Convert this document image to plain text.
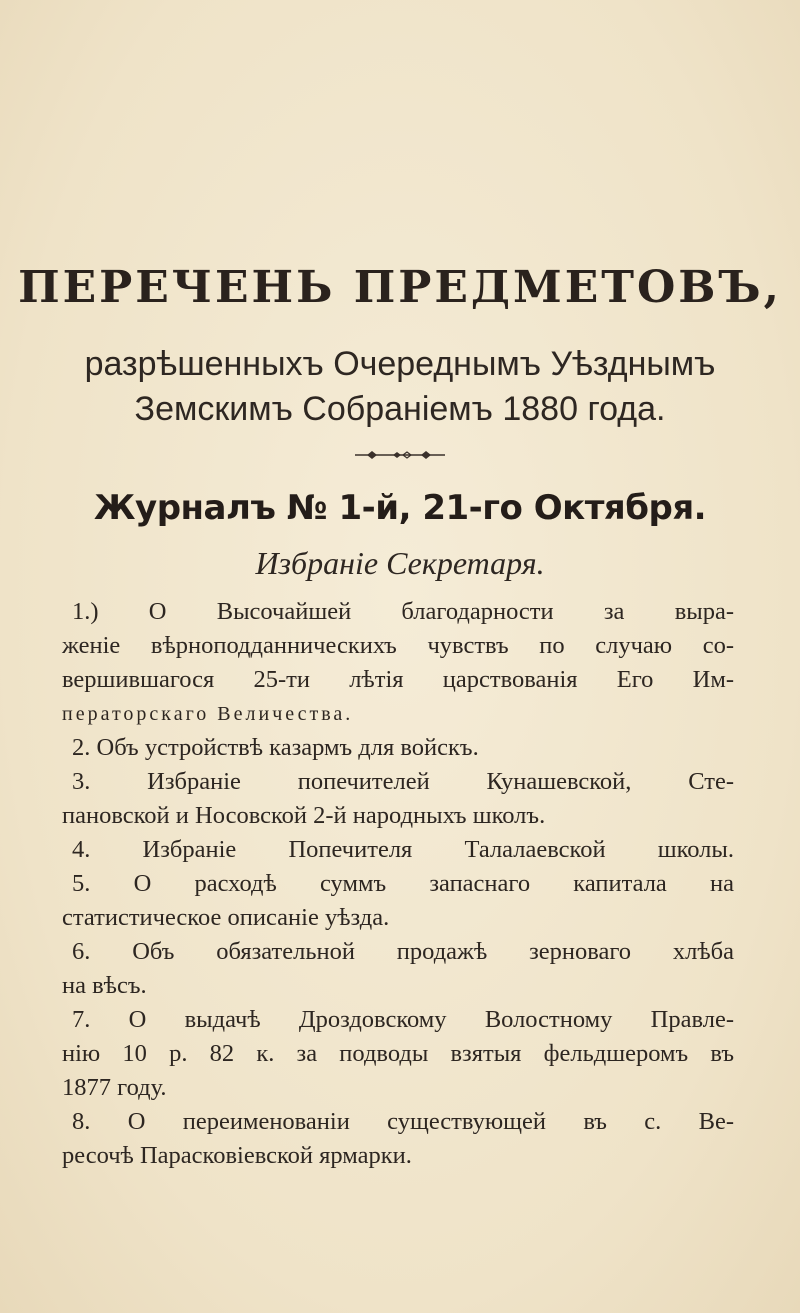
ПЕРЕЧЕНЬ ПРЕДМЕТОВЪ,
разрѣшенныхъ Очереднымъ Уѣзднымъ
Земскимъ Собраніемъ 1880 года.
Журналъ № 1-й, 21-го Октября.
Избраніе Секретаря.
1.) О Высочайшей благодарности за выра-
женіе вѣрноподданническихъ чувствъ по случаю со-
вершившагося 25-ти лѣтія царствованія Его Им-
ператорскаго Величества.
2. Объ устройствѣ казармъ для войскъ.
3. Избраніе попечителей Кунашевской, Сте-
пановской и Носовской 2-й народныхъ школъ.
4. Избраніе Попечителя Талалаевской школы.
5. О расходѣ суммъ запаснаго капитала на
статистическое описаніе уѣзда.
6. Объ обязательной продажѣ зерноваго хлѣба
на вѣсъ.
7. О выдачѣ Дроздовскому Волостному Правле-
нію 10 р. 82 к. за подводы взятыя фельдшеромъ въ
1877 году.
8. О переименованіи существующей въ с. Ве-
ресочѣ Парасковіевской ярмарки.
